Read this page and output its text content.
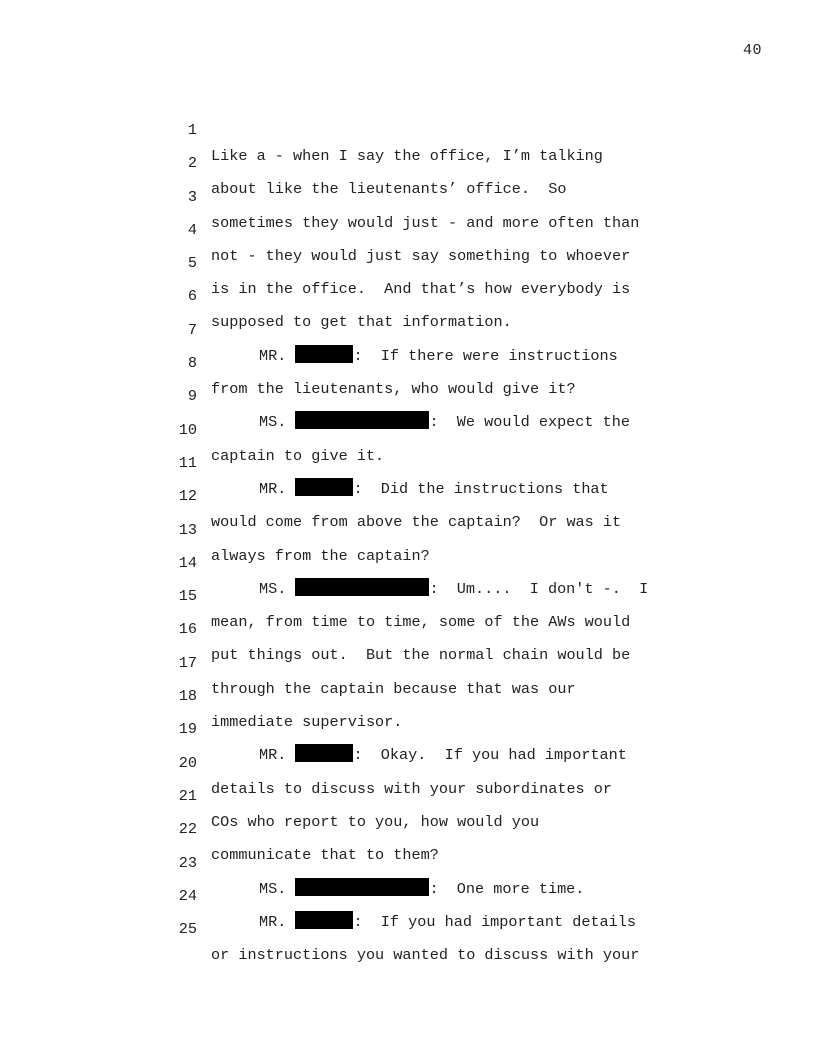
40

1

Like a - when I say the office, I’m talking

2

about like the lieutenants’ office.  So

3

sometimes they would just - and more often than

4

not - they would just say something to whoever

5

is in the office.  And that’s how everybody is

6

supposed to get that information.

7

MR.	:  If there were instructions

8

from the lieutenants, who would give it?

9

MS.	:  We would expect the

10

captain to give it.

11

MR.	:  Did the instructions that

12

would come from above the captain?  Or was it

13

always from the captain?

14

MS.	:  Um....  I don't -.  I

15

mean, from time to time, some of the AWs would

16

put things out.  But the normal chain would be

17

through the captain because that was our

18

immediate supervisor.

19

MR.	:  Okay.  If you had important

20

details to discuss with your subordinates or

21

COs who report to you, how would you

22

communicate that to them?

23

MS.	:  One more time.

24

MR.	:  If you had important details

25

or instructions you wanted to discuss with your
